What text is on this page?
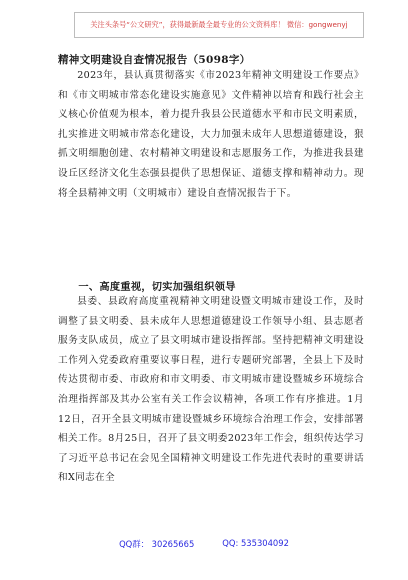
关注头条号“公文研究”，获得最新最全最专业的公文资料库！ 微信：gongwenyj
精神文明建设自查情况报告（5098字）

2023年，县认真贯彻落实《市2023年精神文明建设工作要点》和《市文明城市常态化建设实施意见》文件精神以培育和践行社会主义核心价值观为根本，着力提升我县公民道德水平和市民文明素质，扎实推进文明城市常态化建设，大力加强未成年人思想道德建设，狠抓文明细胞创建、农村精神文明建设和志愿服务工作，为推进我县建设丘区经济文化生态强县提供了思想保证、道德支撑和精神动力。现将全县精神文明（文明城市）建设自查情况报告于下。

一、高度重视，切实加强组织领导

县委、县政府高度重视精神文明建设暨文明城市建设工作，及时调整了县文明委、县未成年人思想道德建设工作领导小组、县志愿者服务支队成员，成立了县文明城市建设指挥部。坚持把精神文明建设工作列入党委政府重要议事日程，进行专题研究部署，全县上下及时传达贯彻市委、市政府和市文明委、市文明城市建设暨城乡环境综合治理指挥部及其办公室有关工作会议精神，各项工作有序推进。1月12日，召开全县文明城市建设暨城乡环境综合治理工作会，安排部署相关工作。8月25日，召开了县文明委2023年工作会，组织传达学习了习近平总书记在会见全国精神文明建设工作先进代表时的重要讲话和X同志在全

QQ群： 30265665	QQ: 535304092
